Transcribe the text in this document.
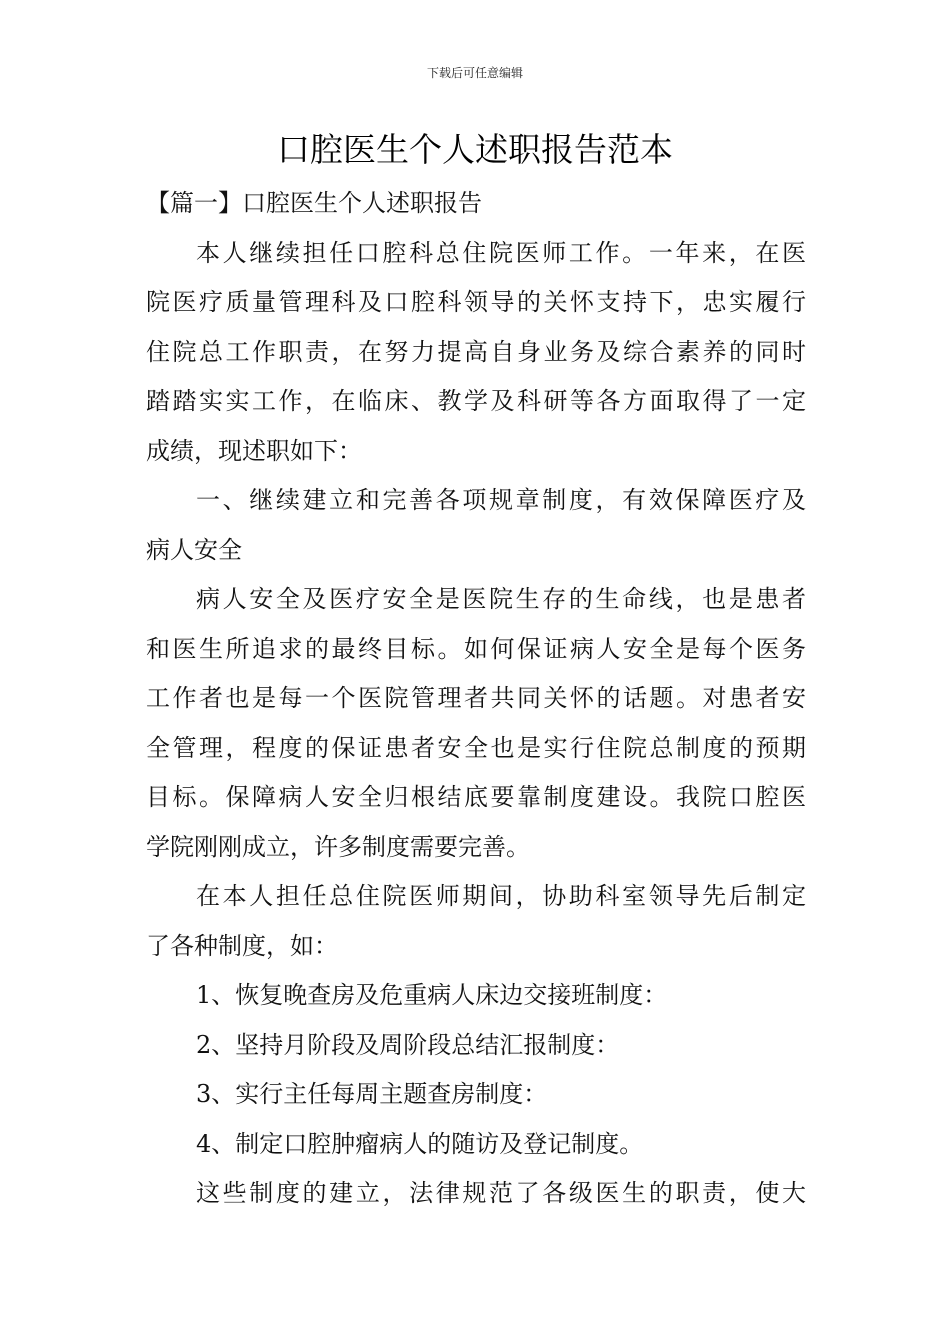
下载后可任意编辑
口腔医生个人述职报告范本
【篇一】口腔医生个人述职报告
本人继续担任口腔科总住院医师工作。一年来，在医
院医疗质量管理科及口腔科领导的关怀支持下，忠实履行
住院总工作职责，在努力提高自身业务及综合素养的同时
踏踏实实工作，在临床、教学及科研等各方面取得了一定
成绩，现述职如下：
一、继续建立和完善各项规章制度，有效保障医疗及
病人安全
病人安全及医疗安全是医院生存的生命线，也是患者
和医生所追求的最终目标。如何保证病人安全是每个医务
工作者也是每一个医院管理者共同关怀的话题。对患者安
全管理，程度的保证患者安全也是实行住院总制度的预期
目标。保障病人安全归根结底要靠制度建设。我院口腔医
学院刚刚成立，许多制度需要完善。
在本人担任总住院医师期间，协助科室领导先后制定
了各种制度，如：
1、恢复晚查房及危重病人床边交接班制度：
2、坚持月阶段及周阶段总结汇报制度：
3、实行主任每周主题查房制度：
4、制定口腔肿瘤病人的随访及登记制度。
这些制度的建立，法律规范了各级医生的职责，使大
